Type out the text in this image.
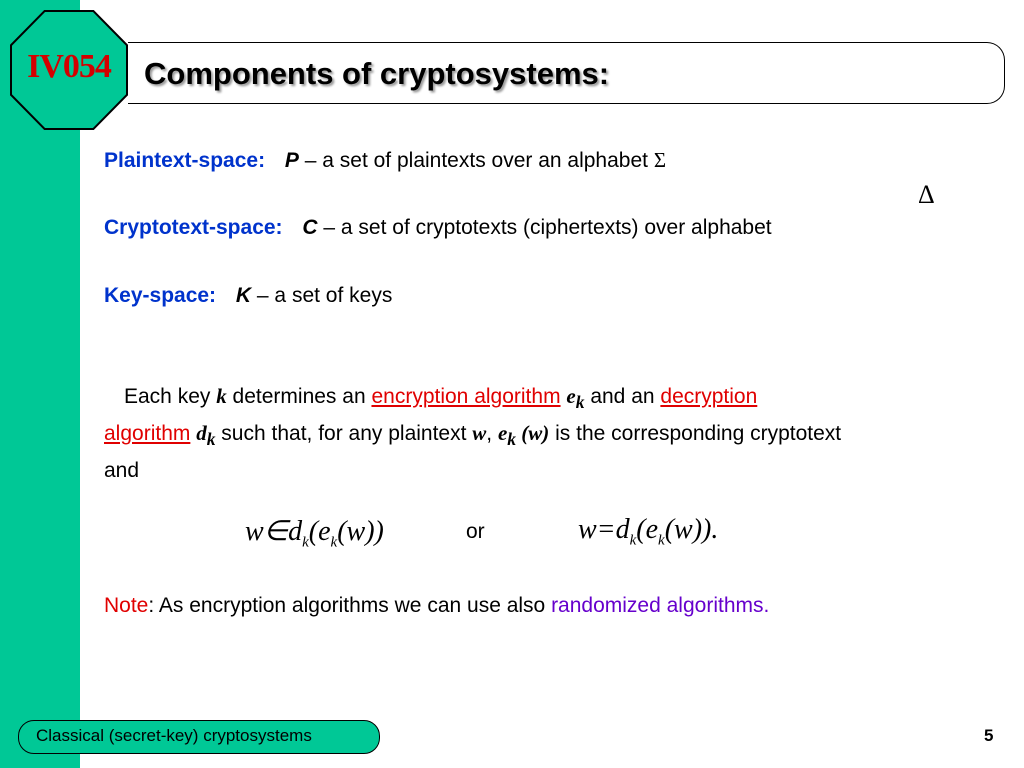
IV054	Components of cryptosystems:
Plaintext-space: P – a set of plaintexts over an alphabet Σ
Δ
Cryptotext-space: C – a set of cryptotexts (ciphertexts) over alphabet
Key-space: K – a set of keys
Each key k determines an encryption algorithm $e_k$ and an decryption
algorithm $d_k$ such that, for any plaintext w, $e_k$ (w) is the corresponding cryptotext
and
$w\in d_k(e_k(w))$	or	$w=d_k(e_k(w))$.
Note: As encryption algorithms we can use also randomized algorithms.
Classical (secret-key) cryptosystems	5
